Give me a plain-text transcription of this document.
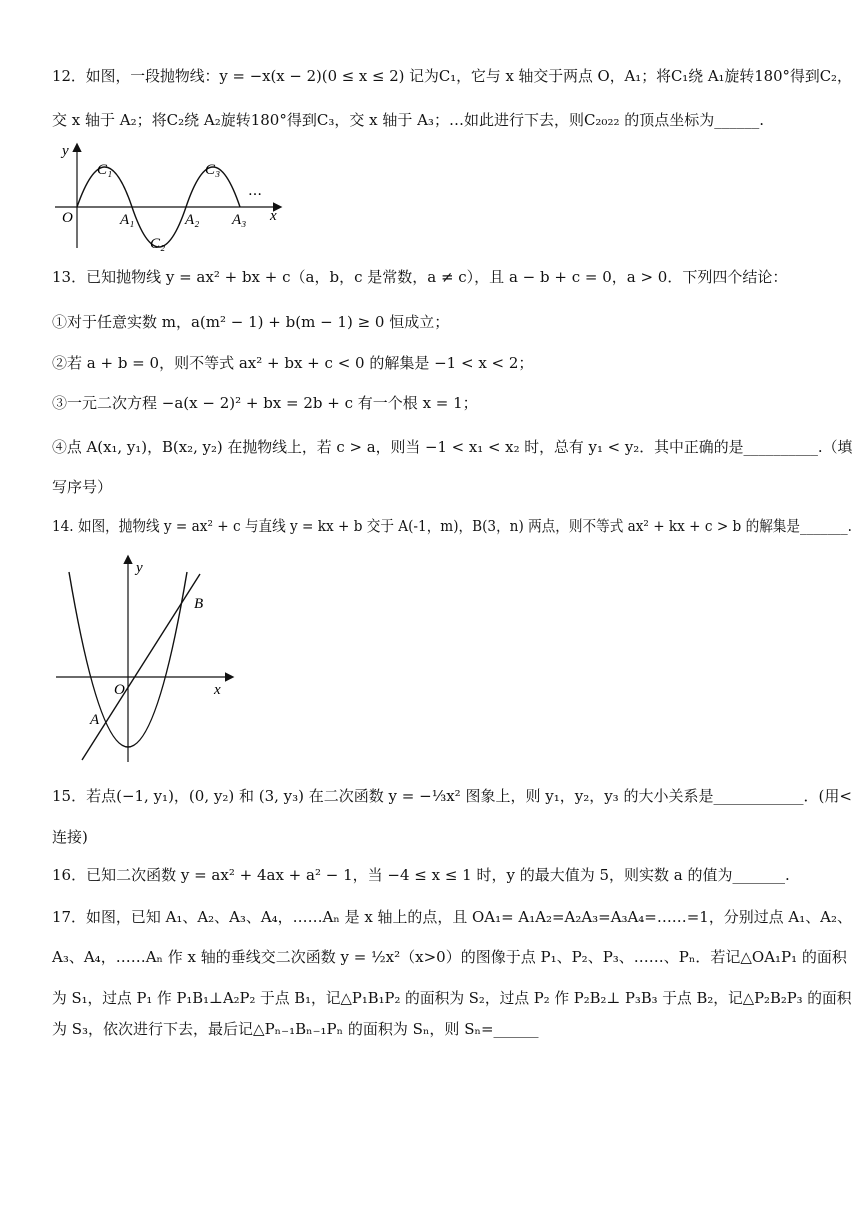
12．如图，一段抛物线：y = −x(x − 2)(0 ≤ x ≤ 2) 记为C₁，它与 x 轴交于两点 O，A₁；将C₁绕 A₁旋转180°得到C₂，
交 x 轴于 A₂；将C₂绕 A₂旋转180°得到C₃，交 x 轴于 A₃；…如此进行下去，则C₂₀₂₂ 的顶点坐标为______.
y
x
O
C₁
C₂
C₃
A₁	A₂ A₃
…
13．已知抛物线 y = ax² + bx + c（a，b，c 是常数，a ≠ c），且 a − b + c = 0，a > 0．下列四个结论：
①对于任意实数 m，a(m² − 1) + b(m − 1) ≥ 0 恒成立；
②若 a + b = 0，则不等式 ax² + bx + c < 0 的解集是 −1 < x < 2；
③一元二次方程 −a(x − 2)² + bx = 2b + c 有一个根 x = 1；
④点 A(x₁, y₁)，B(x₂, y₂) 在抛物线上，若 c > a，则当 −1 < x₁ < x₂ 时，总有 y₁ < y₂．其中正确的是__________.（填
写序号）
14. 如图，抛物线 y = ax² + c 与直线 y = kx + b 交于 A(-1，m)，B(3，n) 两点，则不等式 ax² + kx + c > b 的解集是_______.
y
x
O
A
B
15．若点(−1, y₁)，(0, y₂) 和 (3, y₃) 在二次函数 y = −⅓x² 图象上，则 y₁，y₂，y₃ 的大小关系是____________．(用<
连接)
16．已知二次函数 y = ax² + 4ax + a² − 1，当 −4 ≤ x ≤ 1 时，y 的最大值为 5，则实数 a 的值为_______.
17．如图，已知 A₁、A₂、A₃、A₄，……Aₙ 是 x 轴上的点，且 OA₁= A₁A₂=A₂A₃=A₃A₄=……=1，分别过点 A₁、A₂、
A₃、A₄，……Aₙ 作 x 轴的垂线交二次函数 y = ½x²（x>0）的图像于点 P₁、P₂、P₃、……、Pₙ．若记△OA₁P₁ 的面积
为 S₁，过点 P₁ 作 P₁B₁⊥A₂P₂ 于点 B₁，记△P₁B₁P₂ 的面积为 S₂，过点 P₂ 作 P₂B₂⊥ P₃B₃ 于点 B₂，记△P₂B₂P₃ 的面积
为 S₃，依次进行下去，最后记△Pₙ₋₁Bₙ₋₁Pₙ 的面积为 Sₙ，则 Sₙ=______
